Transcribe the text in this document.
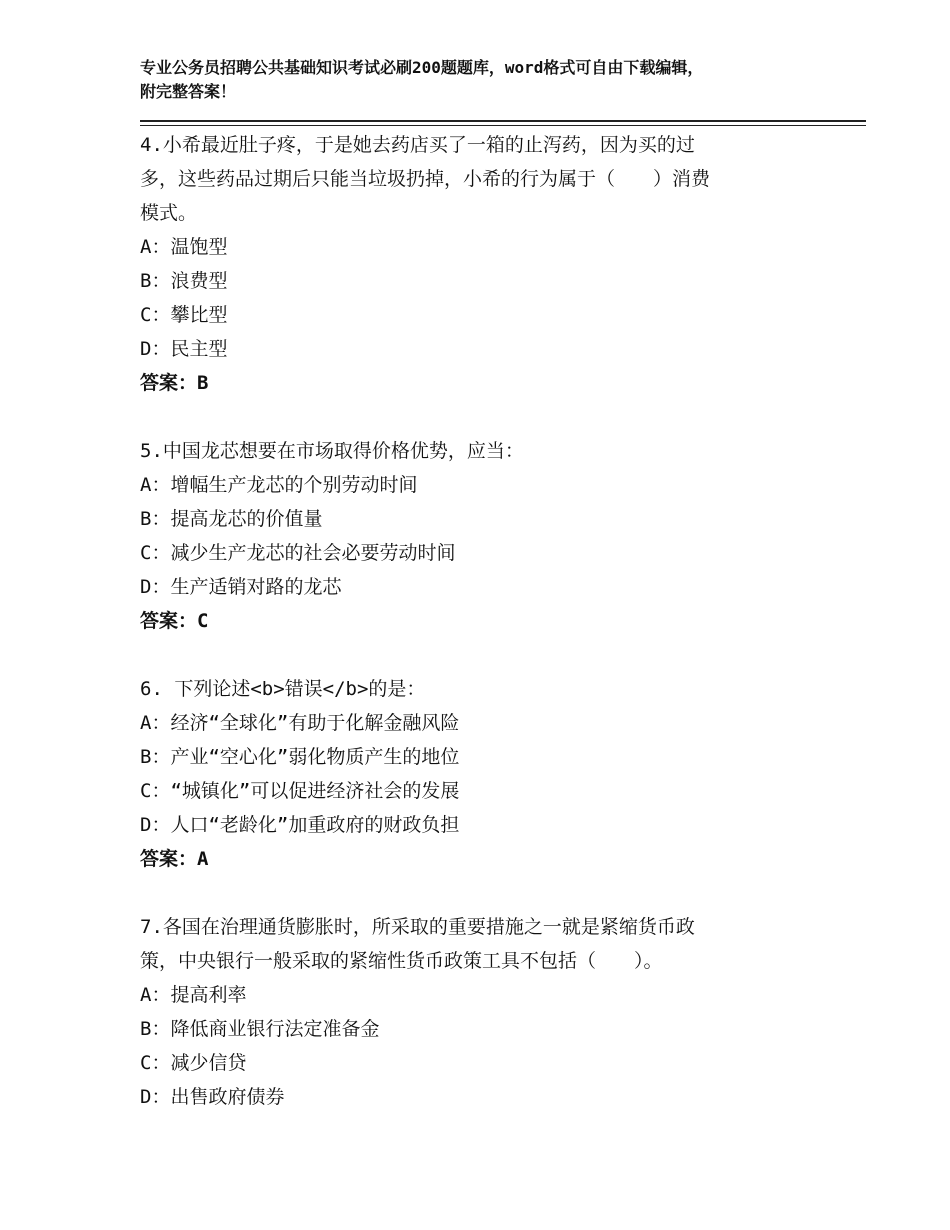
专业公务员招聘公共基础知识考试必刷200题题库，word格式可自由下载编辑，
附完整答案！
4.小希最近肚子疼，于是她去药店买了一箱的止泻药，因为买的过
多，这些药品过期后只能当垃圾扔掉，小希的行为属于（　　）消费
模式。
A：温饱型
B：浪费型
C：攀比型
D：民主型
答案：B
5.中国龙芯想要在市场取得价格优势，应当：
A：增幅生产龙芯的个别劳动时间
B：提高龙芯的价值量
C：减少生产龙芯的社会必要劳动时间
D：生产适销对路的龙芯
答案：C
6. 下列论述<b>错误</b>的是：
A：经济“全球化”有助于化解金融风险
B：产业“空心化”弱化物质产生的地位
C：“城镇化”可以促进经济社会的发展
D：人口“老龄化”加重政府的财政负担
答案：A
7.各国在治理通货膨胀时，所采取的重要措施之一就是紧缩货币政
策，中央银行一般采取的紧缩性货币政策工具不包括（　　）。
A：提高利率
B：降低商业银行法定准备金
C：减少信贷
D：出售政府债券
